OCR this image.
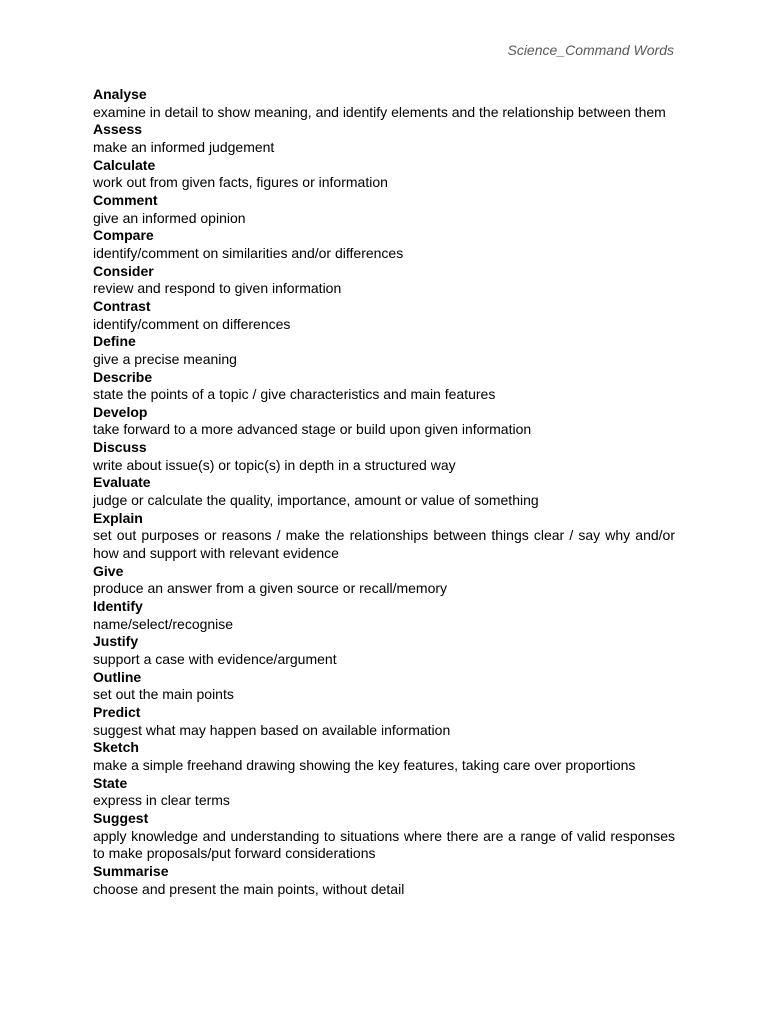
Science_Command Words
Analyse
examine in detail to show meaning, and identify elements and the relationship between them
Assess
make an informed judgement
Calculate
work out from given facts, figures or information
Comment
give an informed opinion
Compare
identify/comment on similarities and/or differences
Consider
review and respond to given information
Contrast
identify/comment on differences
Define
give a precise meaning
Describe
state the points of a topic / give characteristics and main features
Develop
take forward to a more advanced stage or build upon given information
Discuss
write about issue(s) or topic(s) in depth in a structured way
Evaluate
judge or calculate the quality, importance, amount or value of something
Explain
set out purposes or reasons / make the relationships between things clear / say why and/or how and support with relevant evidence
Give
produce an answer from a given source or recall/memory
Identify
name/select/recognise
Justify
support a case with evidence/argument
Outline
set out the main points
Predict
suggest what may happen based on available information
Sketch
make a simple freehand drawing showing the key features, taking care over proportions
State
express in clear terms
Suggest
apply knowledge and understanding to situations where there are a range of valid responses to make proposals/put forward considerations
Summarise
choose and present the main points, without detail
